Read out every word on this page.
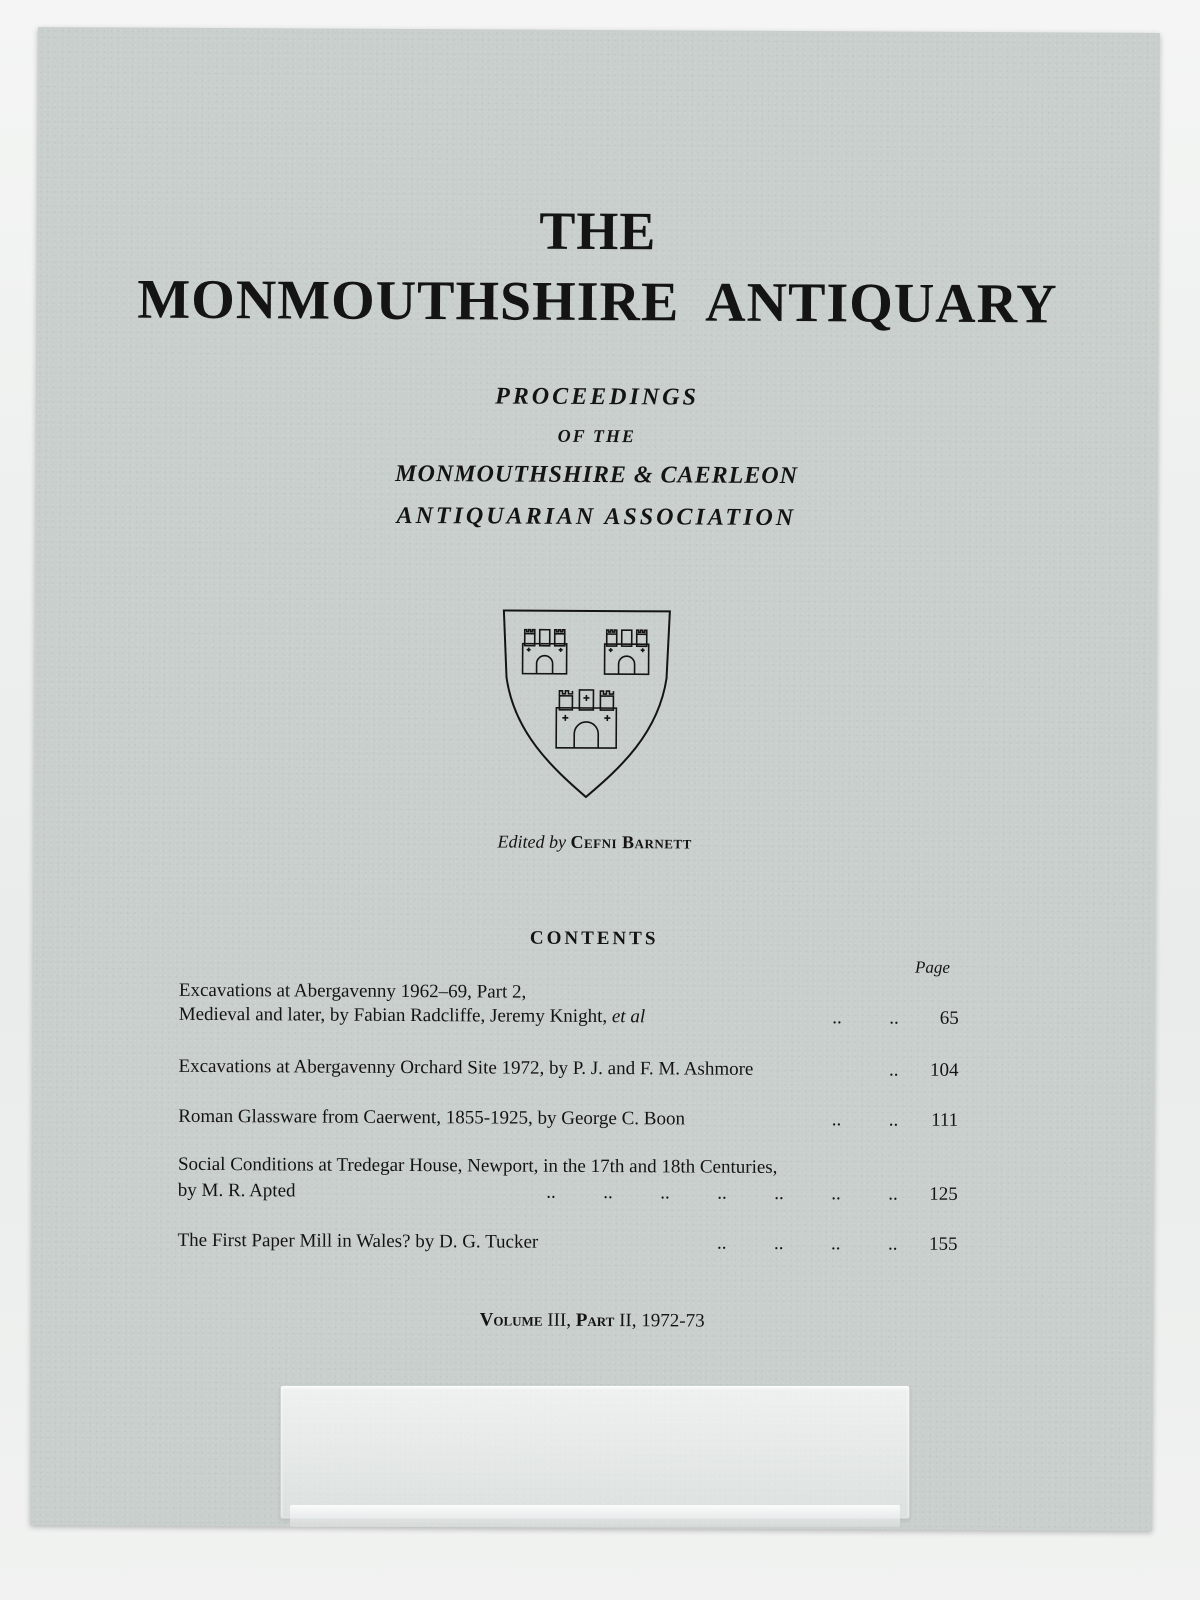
THE
MONMOUTHSHIRE ANTIQUARY
PROCEEDINGS
OF THE
MONMOUTHSHIRE & CAERLEON
ANTIQUARIAN ASSOCIATION
Edited by Cefni Barnett
CONTENTS
Page
Excavations at Abergavenny 1962–69, Part 2,
Medieval and later, by Fabian Radcliffe, Jeremy Knight, et al	..          ..	65
Excavations at Abergavenny Orchard Site 1972, by P. J. and F. M. Ashmore	..	104
Roman Glassware from Caerwent, 1855-1925, by George C. Boon	..          ..	111
Social Conditions at Tredegar House, Newport, in the 17th and 18th Centuries,
by M. R. Apted	..          ..          ..          ..          ..          ..          ..	125
The First Paper Mill in Wales? by D. G. Tucker	..          ..          ..          ..	155
Volume III, Part II, 1972-73
